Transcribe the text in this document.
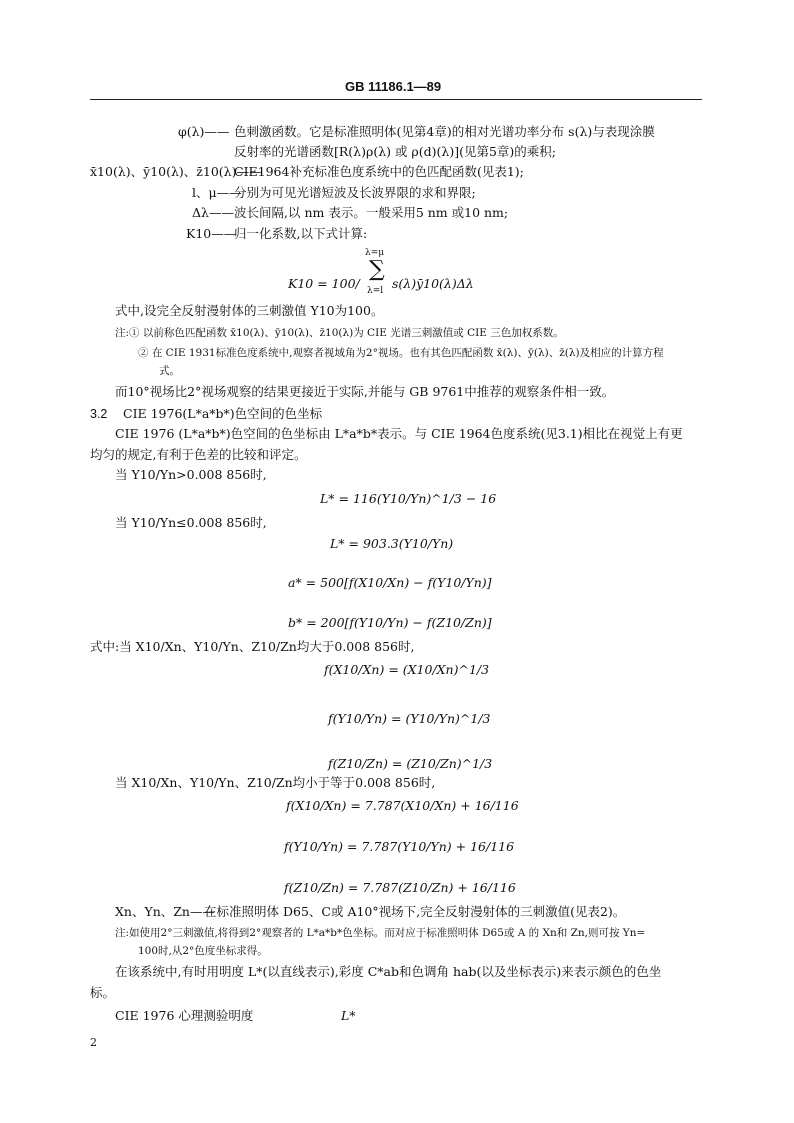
GB 11186.1—89
φ(λ)—— 色刺激函数。它是标准照明体(见第4章)的相对光谱功率分布 s(λ)与表现涂膜
反射率的光谱函数[R(λ)ρ(λ) 或 ρ(d)(λ)](见第5章)的乘积;
x̄10(λ)、ȳ10(λ)、z̄10(λ)——
CIE1964补充标准色度系统中的色匹配函数(见表1);
l、μ——
分别为可见光谱短波及长波界限的求和界限;
Δλ—— 波长间隔,以 nm 表示。一般采用5 nm 或10 nm;
K10——
归一化系数,以下式计算:
K10 = 100/
λ=μ
∑
λ=l s(λ)ȳ10(λ)Δλ
式中,设完全反射漫射体的三刺激值 Y10为100。
注:① 以前称色匹配函数 x̄10(λ)、ȳ10(λ)、z̄10(λ)为 CIE 光谱三刺激值或 CIE 三色加权系数。
② 在 CIE 1931标准色度系统中,观察者视域角为2°视场。也有其色匹配函数 x̄(λ)、ȳ(λ)、z̄(λ)及相应的计算方程
式。
而10°视场比2°视场观察的结果更接近于实际,并能与 GB 9761中推荐的观察条件相一致。
3.2 CIE 1976(L*a*b*)色空间的色坐标
CIE 1976 (L*a*b*)色空间的色坐标由 L*a*b*表示。与 CIE 1964色度系统(见3.1)相比在视觉上有更
均匀的规定,有利于色差的比较和评定。
当 Y10/Yn>0.008 856时,
L* = 116(Y10/Yn)^1/3 − 16
当 Y10/Yn≤0.008 856时,
L* = 903.3(Y10/Yn)
a* = 500[f(X10/Xn) − f(Y10/Yn)]
b* = 200[f(Y10/Yn) − f(Z10/Zn)]
式中:当 X10/Xn、Y10/Yn、Z10/Zn均大于0.008 856时,
f(X10/Xn) = (X10/Xn)^1/3
f(Y10/Yn) = (Y10/Yn)^1/3
f(Z10/Zn) = (Z10/Zn)^1/3
当 X10/Xn、Y10/Yn、Z10/Zn均小于等于0.008 856时,
f(X10/Xn) = 7.787(X10/Xn) + 16/116
f(Y10/Yn) = 7.787(Y10/Yn) + 16/116
f(Z10/Zn) = 7.787(Z10/Zn) + 16/116
Xn、Yn、Zn——
在标准照明体 D65、C或 A10°视场下,完全反射漫射体的三刺激值(见表2)。
注:如使用2°三刺激值,将得到2°观察者的 L*a*b*色坐标。而对应于标准照明体 D65或 A 的 Xn和 Zn,则可按 Yn=
100时,从2°色度坐标求得。
在该系统中,有时用明度 L*(以直线表示),彩度 C*ab和色调角 hab(以及坐标表示)来表示颜色的色坐
标。
CIE 1976 心理测验明度	L*
2
